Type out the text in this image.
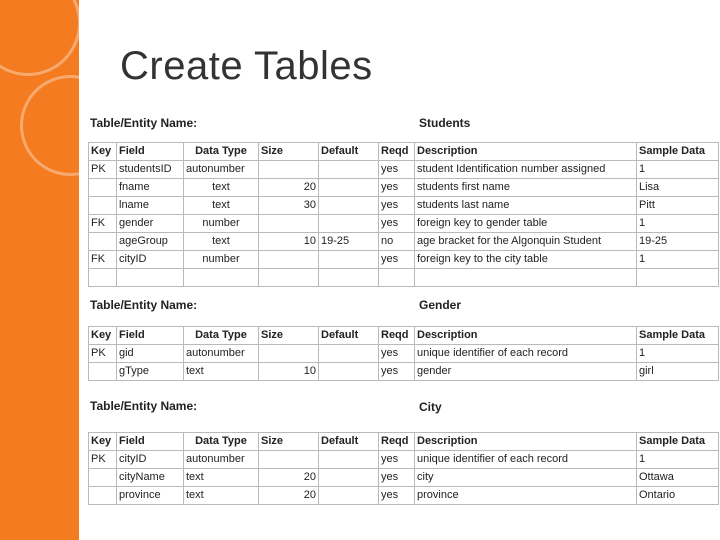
Create Tables
Table/Entity Name:	Students
Key	Field	Data Type	Size	Default	Reqd	Description	Sample Data
PK	studentsID	autonumber			yes	student Identification number assigned	1
	fname	text	20		yes	students first name	Lisa
	lname	text	30		yes	students last name	Pitt
FK	gender	number			yes	foreign key to gender table	1
	ageGroup	text	10	19-25	no	age bracket for the Algonquin Student	19-25
FK	cityID	number			yes	foreign key to the city table	1

Table/Entity Name:	Gender
Key	Field	Data Type	Size	Default	Reqd	Description	Sample Data
PK	gid	autonumber			yes	unique identifier of each record	1
	gType	text	10		yes	gender	girl
Table/Entity Name:	City
Key	Field	Data Type	Size	Default	Reqd	Description	Sample Data
PK	cityID	autonumber			yes	unique identifier of each record	1
	cityName	text	20		yes	city	Ottawa
	province	text	20		yes	province	Ontario
